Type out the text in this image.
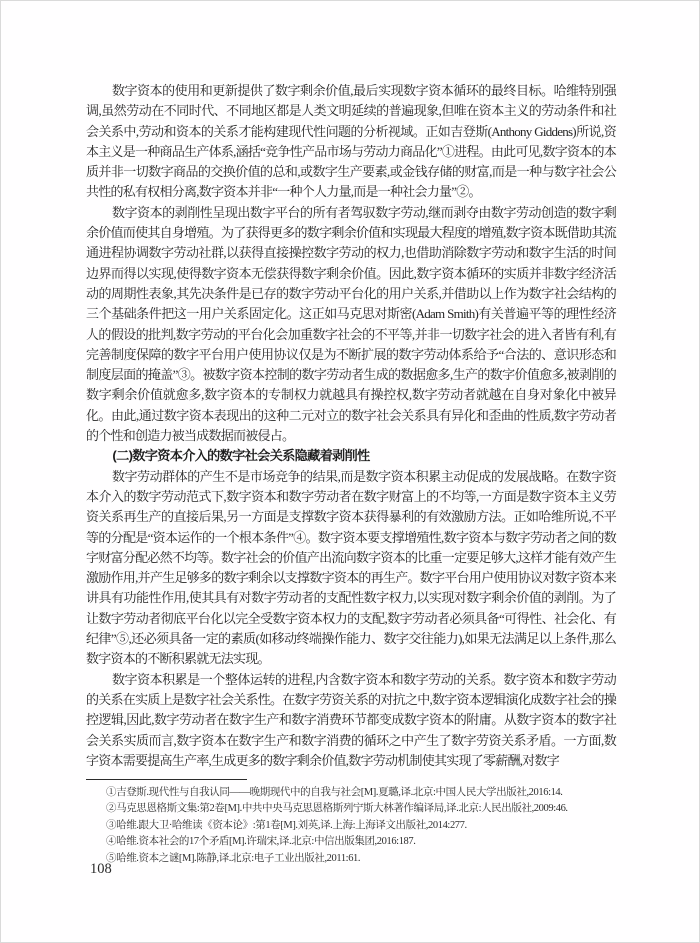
数字资本的使用和更新提供了数字剩余价值,最后实现数字资本循环的最终目标。哈维特别强调,虽然劳动在不同时代、不同地区都是人类文明延续的普遍现象,但唯在资本主义的劳动条件和社会关系中,劳动和资本的关系才能构建现代性问题的分析视域。正如吉登斯(Anthony Giddens)所说,资本主义是一种商品生产体系,涵括“竞争性产品市场与劳动力商品化”①进程。由此可见,数字资本的本质并非一切数字商品的交换价值的总和,或数字生产要素,或金钱存储的财富,而是一种与数字社会公共性的私有权相分离,数字资本并非“一种个人力量,而是一种社会力量”②。

数字资本的剥削性呈现出数字平台的所有者驾驭数字劳动,继而剥夺由数字劳动创造的数字剩余价值而使其自身增殖。为了获得更多的数字剩余价值和实现最大程度的增殖,数字资本既借助其流通进程协调数字劳动社群,以获得直接操控数字劳动的权力,也借助消除数字劳动和数字生活的时间边界而得以实现,使得数字资本无偿获得数字剩余价值。因此,数字资本循环的实质并非数字经济活动的周期性表象,其先决条件是已存的数字劳动平台化的用户关系,并借助以上作为数字社会结构的三个基础条件把这一用户关系固定化。这正如马克思对斯密(Adam Smith)有关普遍平等的理性经济人的假设的批判,数字劳动的平台化会加重数字社会的不平等,并非一切数字社会的进入者皆有利,有完善制度保障的数字平台用户使用协议仅是为不断扩展的数字劳动体系给予“合法的、意识形态和制度层面的掩盖”③。被数字资本控制的数字劳动者生成的数据愈多,生产的数字价值愈多,被剥削的数字剩余价值就愈多,数字资本的专制权力就越具有操控权,数字劳动者就越在自身对象化中被异化。由此,通过数字资本表现出的这种二元对立的数字社会关系具有异化和歪曲的性质,数字劳动者的个性和创造力被当成数据而被侵占。

(二)数字资本介入的数字社会关系隐藏着剥削性

数字劳动群体的产生不是市场竞争的结果,而是数字资本积累主动促成的发展战略。在数字资本介入的数字劳动范式下,数字资本和数字劳动者在数字财富上的不均等,一方面是数字资本主义劳资关系再生产的直接后果,另一方面是支撑数字资本获得暴利的有效激励方法。正如哈维所说,不平等的分配是“资本运作的一个根本条件”④。数字资本要支撑增殖性,数字资本与数字劳动者之间的数字财富分配必然不均等。数字社会的价值产出流向数字资本的比重一定要足够大,这样才能有效产生激励作用,并产生足够多的数字剩余以支撑数字资本的再生产。数字平台用户使用协议对数字资本来讲具有功能性作用,使其具有对数字劳动者的支配性数字权力,以实现对数字剩余价值的剥削。为了让数字劳动者彻底平台化以完全受数字资本权力的支配,数字劳动者必须具备“可得性、社会化、有纪律”⑤,还必须具备一定的素质(如移动终端操作能力、数字交往能力),如果无法满足以上条件,那么数字资本的不断积累就无法实现。

数字资本积累是一个整体运转的进程,内含数字资本和数字劳动的关系。数字资本和数字劳动的关系在实质上是数字社会关系性。在数字劳资关系的对抗之中,数字资本逻辑演化成数字社会的操控逻辑,因此,数字劳动者在数字生产和数字消费环节都变成数字资本的附庸。从数字资本的数字社会关系实质而言,数字资本在数字生产和数字消费的循环之中产生了数字劳资关系矛盾。一方面,数字资本需要提高生产率,生成更多的数字剩余价值,数字劳动机制使其实现了零薪酬,对数字

①吉登斯.现代性与自我认同——晚期现代中的自我与社会[M].夏璐,译.北京:中国人民大学出版社,2016:14.

②马克思恩格斯文集:第2卷[M].中共中央马克思恩格斯列宁斯大林著作编译局,译.北京:人民出版社,2009:46.

③哈维.跟大卫·哈维读《资本论》:第1卷[M].刘英,译.上海:上海译文出版社,2014:277.

④哈维.资本社会的17个矛盾[M].许瑞宋,译.北京:中信出版集团,2016:187.

⑤哈维.资本之谜[M].陈静,译.北京:电子工业出版社,2011:61.

108
